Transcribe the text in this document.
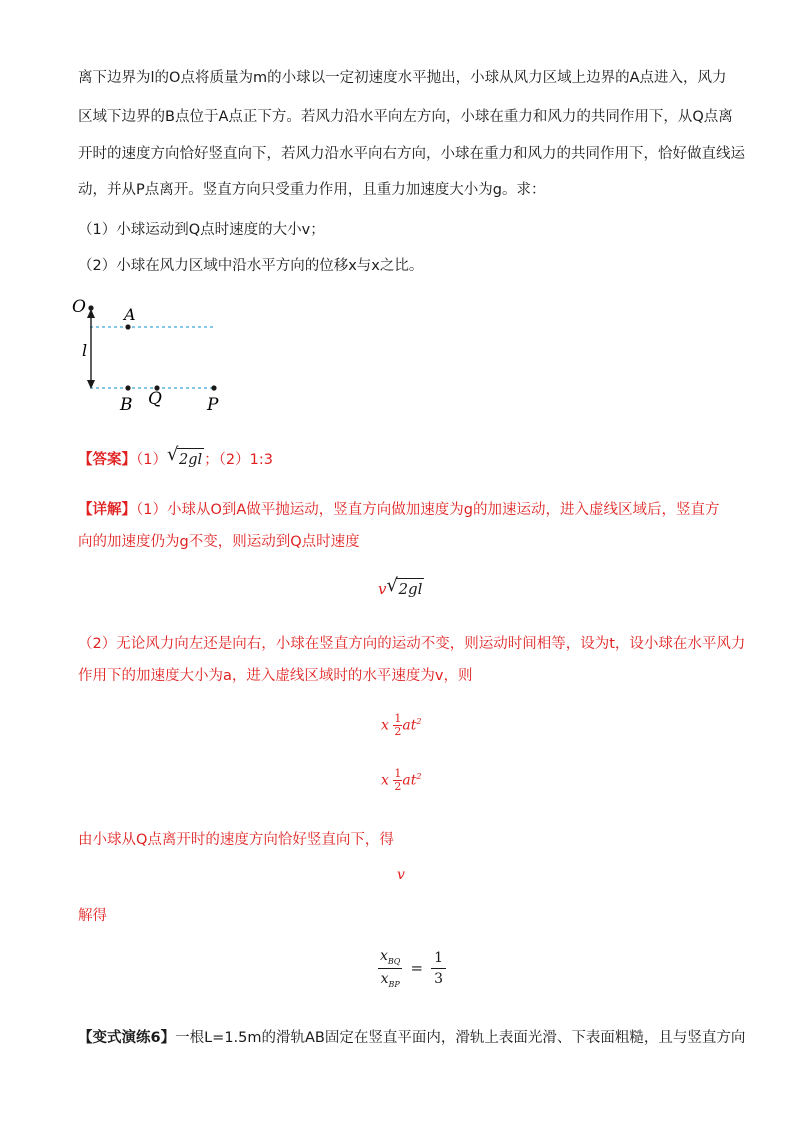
离下边界为l的O点将质量为m的小球以一定初速度水平抛出，小球从风力区域上边界的A点进入，风力
区域下边界的B点位于A点正下方。若风力沿水平向左方向，小球在重力和风力的共同作用下，从Q点离
开时的速度方向恰好竖直向下，若风力沿水平向右方向，小球在重力和风力的共同作用下，恰好做直线运
动，并从P点离开。竖直方向只受重力作用，且重力加速度大小为g。求：
（1）小球运动到Q点时速度的大小v；
（2）小球在风力区域中沿水平方向的位移x与x之比。
O A
l
B Q	P
【答案】（1） √ 2gl ；（2）1:3
【详解】（1）小球从O到A做平抛运动，竖直方向做加速度为g的加速运动，进入虚线区域后，竖直方
向的加速度仍为g不变，则运动到Q点时速度
v √ 2gl
（2）无论风力向左还是向右，小球在竖直方向的运动不变，则运动时间相等，设为t，设小球在水平风力
作用下的加速度大小为a，进入虚线区域时的水平速度为v，则
x $\frac{1}{2} at^2$
x $\frac{1}{2} at^2$
由小球从Q点离开时的速度方向恰好竖直向下，得
v
解得
$x_{BQ}$
$x_{BP}$
= $\frac{1}{3}$
【变式演练6】一根L=1.5m的滑轨AB固定在竖直平面内，滑轨上表面光滑、下表面粗糙，且与竖直方向
